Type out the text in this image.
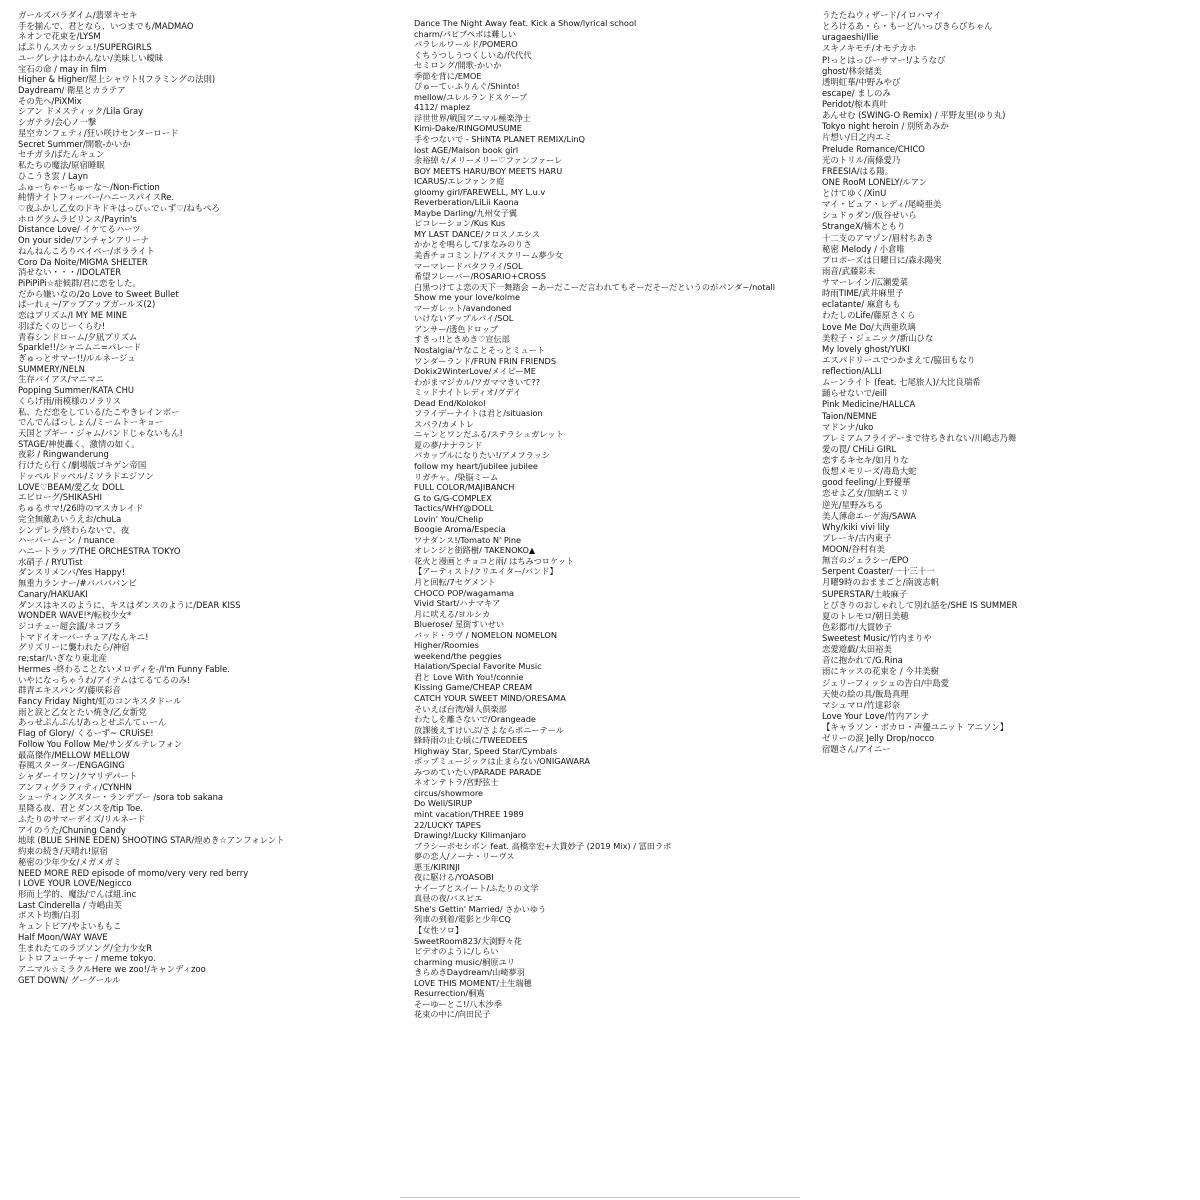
ガールズパラダイム/翡翠キセキ
手を揃んで、君となら、いつまでも/MADMAO
ネオンで花束を/LYSM
ぱぷりんスカッシュ!/SUPERGIRLS
ユーグレナはわかんない/美味しい曖昧
宝石の命 / may in film
Higher & Higher/屋上シャウト!(フラミングの法則)
Daydream/ 衛星とカラテア
その先へ/PiXMix
シアン ドメスティック/Lila Gray
シガテラ/会心ノ一撃
星空カンフェティ/狂い咲けセンターロード
Secret Summer/開歌-かいか
セチガラ/ばたんキュン
私たちの魔法/原宿睡眠
ひこうき雲 / Layn
ふゅーちゃーちゅーな〜/Non-Fiction
純情ナイトフィーバー/ハニースパイスRe.
♡夜ふかし乙女のドキドキはっぴぃでぃず♡/ねもぺろ
ホログラムラビリンス/Payrin's
Distance Love/ イケてるハーツ
On your side/ワンチャンアリーナ
ねんねんころりベイベー/ポラライト
Coro Da Noite/MIGMA SHELTER
消せない・・・/IDOLATER
PiPiPiPi☆症候群/君に恋をした。
だから嫌いなの/2o Love to Sweet Bullet
ぱーれぇ~/アップアップガールズ(2)
恋はプリズム/I MY ME MINE
羽ばたくのじーくらむ!
青春シンドローム/夕凪プリズム
Sparkle!!/シャニムニ=パレード
ぎゅっとサマー!!/ルルネージュ
SUMMERY/NELN
生存バイアス/マニマニ
Popping Summer/KATA CHU
くらげ雨/雨模様のソラリス
私、ただ恋をしている/たこやきレインボー
でんでんぱっしょん/ミームトーキョー
天国とブギー・ジャム/バンドじゃないもん!
STAGE/神使轟く、激情の如く。
夜彩 / Ringwanderung
行けたら行く/劇場版ゴキゲン帝国
ドッペルドッペル/ミソラドエジソン
LOVE♡BEAM/愛乙女 DOLL
エビローグ/SHIKASHI
ちゅるサマ!/26時のマスカレイド
完全無敵あいうえお/chuLa
シンデレラ/終わらないで、夜
ハーバームーン / nuance
ハニートラップ/THE ORCHESTRA TOKYO
水硝子 / RYUTist
ダンスリメンバ/Yes Happy!
無重力ランナー/#ババババンビ
Canary/HAKUAKI
ダンスはキスのように、キスはダンスのように/DEAR KISS
WONDER WAVE!*/転校少女*
ジコチュー超会議/ネコプラ
トマドイオーバーチュア/なんキニ!
グリズリーに襲われたら/神宿
re;star/いぎなり東北産
Hermes -終わることないメロディを-/I'm Funny Fable.
いやになっちゃうわ/アイテムはてるてるのみ!
群青エキスパンダ/藤咲彩音
Fancy Friday Night/虹のコンキスタドール
雨と涙と乙女とたい焼き/乙女新党
あっせぷんぷん!/あっとせぷんてぃーん
Flag of Glory/ くるーず~ CRUiSE!
Follow You Follow Me/サンダルテレフォン
最高傑作/MELLOW MELLOW
春風スターター/ENGAGING
シャダーイワン/クマリデパート
アンフィグラフィティ/CYNHN
シューティングスター・ランデブー /sora tob sakana
星降る夜、君とダンスを/tip Toe.
ふたりのサマーデイズ/リルネード
アイのうた/Chuning Candy
地球 (BLUE SHINE EDEN) SHOOTING STAR/煌めき☆アンフォレント
約束の続き/天晴れ!原宿
秘密の少年少女/メガメガミ
NEED MORE RED episode of momo/very very red berry
I LOVE YOUR LOVE/Negicco
形而上学的、魔法/でんぱ組.inc
Last Cinderella / 寺嶋由芙
ポスト均衡/白羽
キュントピア/やよいももこ
Half Moon/WAY WAVE
生まれたてのラブソング/全力少女R
レトロフューチャー / meme tokyo.
アニマル☆ミラクルHere we zoo!/キャンディzoo
GET DOWN/ グーグールル
Dance The Night Away feat. Kick a Show/lyrical school
charm/パピプペポは難しい
パラレルワールド/POMERO
くちうつしうつくしいゐ/代代代
セミロング/開歌-かいか
季節を背に/EMOE
ぴゅーてぃふりんぐ/Shinto!
mellow/ユレルランドスケープ
4112/ maplez
浮世世界/戦国アニマル極楽浄土
Kimi-Dake/RINGOMUSUME
手をつないで - SHiNTA PLANET REMIX/LinQ
lost AGE/Maison book girl
余裕綽々/メリーメリー♡ファンファーレ
BOY MEETS HARU/BOY MEETS HARU
ICARUS/エレファンク庭
gloomy girl/FAREWELL, MY L.u.v
Reverberation/LiLii Kaona
Maybe Darling/九州女子翼
ピコレーション/Kus Kus
MY LAST DANCE/クロスノエシス
かかとを鳴らして/まなみのりさ
美香チョコミント/アイスクリーム夢少女
マーマレードバタフライ/SOL
希望フレーバー/ROSARIO+CROSS
白黒つけてよ恋の天下一舞踏会 ~あーだこーだ言われてもそーだそーだというのがパンダ~/notall
Show me your love/kolme
マーガレット/avandoned
いけないアップルパイ/SOL
アンサー/透色ドロップ
すきっ!!ときめき♡宣伝部
Nostalgia/ヤなことそっとミュート
ワンダーランド/FRUN FRIN FRIENDS
Dokix2WinterLove/メイビーME
わがまマジカル/ワガママきいて??
ミッドナイトレディオ/グデイ
Dead End/Kolokol
フライデーナイトは君と/situasion
スパラ/カメトレ
ニャンとワンだふる/ステラシュガレット
夏の夢/ナナランド
パカップルになりたい!/アメフラッシ
follow my heart/jubilee jubilee
リガチャ。/染脳ミーム
FULL COLOR/MAJIBANCH
G to G/G-COMPLEX
Tactics/WHY@DOLL
Lovin' You/Chelip
Boogie Aroma/Especia
ワナダンス!/Tomato N' Pine
オレンジと街路樹/ TAKENOKO▲
花火と漫画とチョコと雨/ はちみつロケット
【アーティスト/クリエイター/バンド】
月と回転/7セグメント
CHOCO POP/wagamama
Vivid Start/ハナマキア
月に吠える/ヨルシカ
Bluerose/ 星街すいせい
バッド・ラヴ / NOMELON NOMELON
Higher/Roomies
weekend/the peggies
Halation/Special Favorite Music
君と Love With You!/connie
Kissing Game/CHEAP CREAM
CATCH YOUR SWEET MIND/ORESAMA
そいえば台湾/婦人倶楽部
わたしを離さないで/Orangeade
放課後えすけいぷ/さよならポニーテール
蜂時雨の止む頃に/TWEEDEES
Highway Star, Speed Star/Cymbals
ポップミュージックは止まらない/ONIGAWARA
みつめていたい/PARADE PARADE
ネオンテトラ/宮野弦士
circus/showmore
Do Well/SIRUP
mint vacation/THREE 1989
22/LUCKY TAPES
Drawing!/Lucky Kilimanjaro
ブラシーボセシボン feat. 高橋幸宏+大貫妙子 (2019 Mix) / 冨田ラボ
夢の恋人/ノーナ・リーヴス
悪玉/KIRINJI
夜に駆ける/YOASOBI
ナイーブとスイート/ふたりの文学
真昼の夜/バスピエ
She's Gettin' Married/ さかいゆう
列車の到着/電影と少年CQ
【女性ソロ】
SweetRoom823/大渕野々花
ビデオのように/しらい
charming music/桐原ユリ
きらめきDaydream/山崎夢羽
LOVE THIS MOMENT/土生瑞穂
Resurrection/桐嶌
そーゆーとこ!/八木沙季
花束の中に/向田民子
うたたねウィザード/イロハマイ
とろけるあ・ら・もーど/いっぴきらびちゃん
uragaeshi/Ilie
スキノキモチ/オモテカホ
P!っとはっぴーサマー!/ようなび
ghost/林奈緒美
透明虹華/中野みやび
escape/ ましのみ
Peridot/椋本真叶
あんせむ (SWING-O Remix) / 平野友里(ゆり丸)
Tokyo night heroin / 別所あみか
片想い/日之内エミ
Prelude Romance/CHICO
光のトリル/南條愛乃
FREESIA/はる陽。
ONE RooM LONELY/ルアン
とけてゆく/XinU
マイ・ピュア・レディ/尾崎亜美
シュドゥダン/仮谷せいら
StrangeX/楠木ともり
十二支のアマゾン/眉村ちあき
秘密 Melody / 小倉唯
プロポーズは日曜日に/森永陽実
雨音/武藤彩未
サマーレイン/広瀬愛菜
時雨TIME/武井麻里子
eclatante/ 麻倉もも
わたしのLife/藤原さくら
Love Me Do/大西亜玖璃
美粒子・ジェニック/新山ひな
My lovely ghost/YUKI
エスパドリーユでつかまえて/脇田もなり
reflection/ALLI
ムーンライト (feat. 七尾旅人)/大比良瑞希
踊らせないで/eill
Pink Medicine/HALLCA
Taion/NEMNE
マドンナ/uko
プレミアムフライデーまで待ちきれない/川嶋志乃舞
愛の罠/ CHiLi GIRL
恋するキセキ/如月りな
仮想メモリーズ/毒島大蛇
good feeling/上野優華
恋せよ乙女/加納エミリ
逆光/星野みちる
美人薄命エーゲ海/SAWA
Why/kiki vivi lily
ブレーキ/古内東子
MOON/谷村有美
無言のジェラシー/EPO
Serpent Coaster/一十三十一
月曜9時のおままごと/南波志帆
SUPERSTAR/土岐麻子
とびきりのおしゃれして別れ話を/SHE IS SUMMER
夏のトレモロ/朝日美穂
色彩都市/大貫妙子
Sweetest Music/竹内まりや
恋愛遊戯/太田裕美
音に抱かれて/G.Rina
雨にキッスの花束を / 今井美樹
ジェリーフィッシュの告白/中島愛
天使の絵の具/飯島真理
マシュマロ/竹達彩奈
Love Your Love/竹内アンナ
【キャラソン・ボカロ・声優ユニット アニソン】
ゼリーの涙 Jelly Drop/nocco
宿題さん/アイニー
